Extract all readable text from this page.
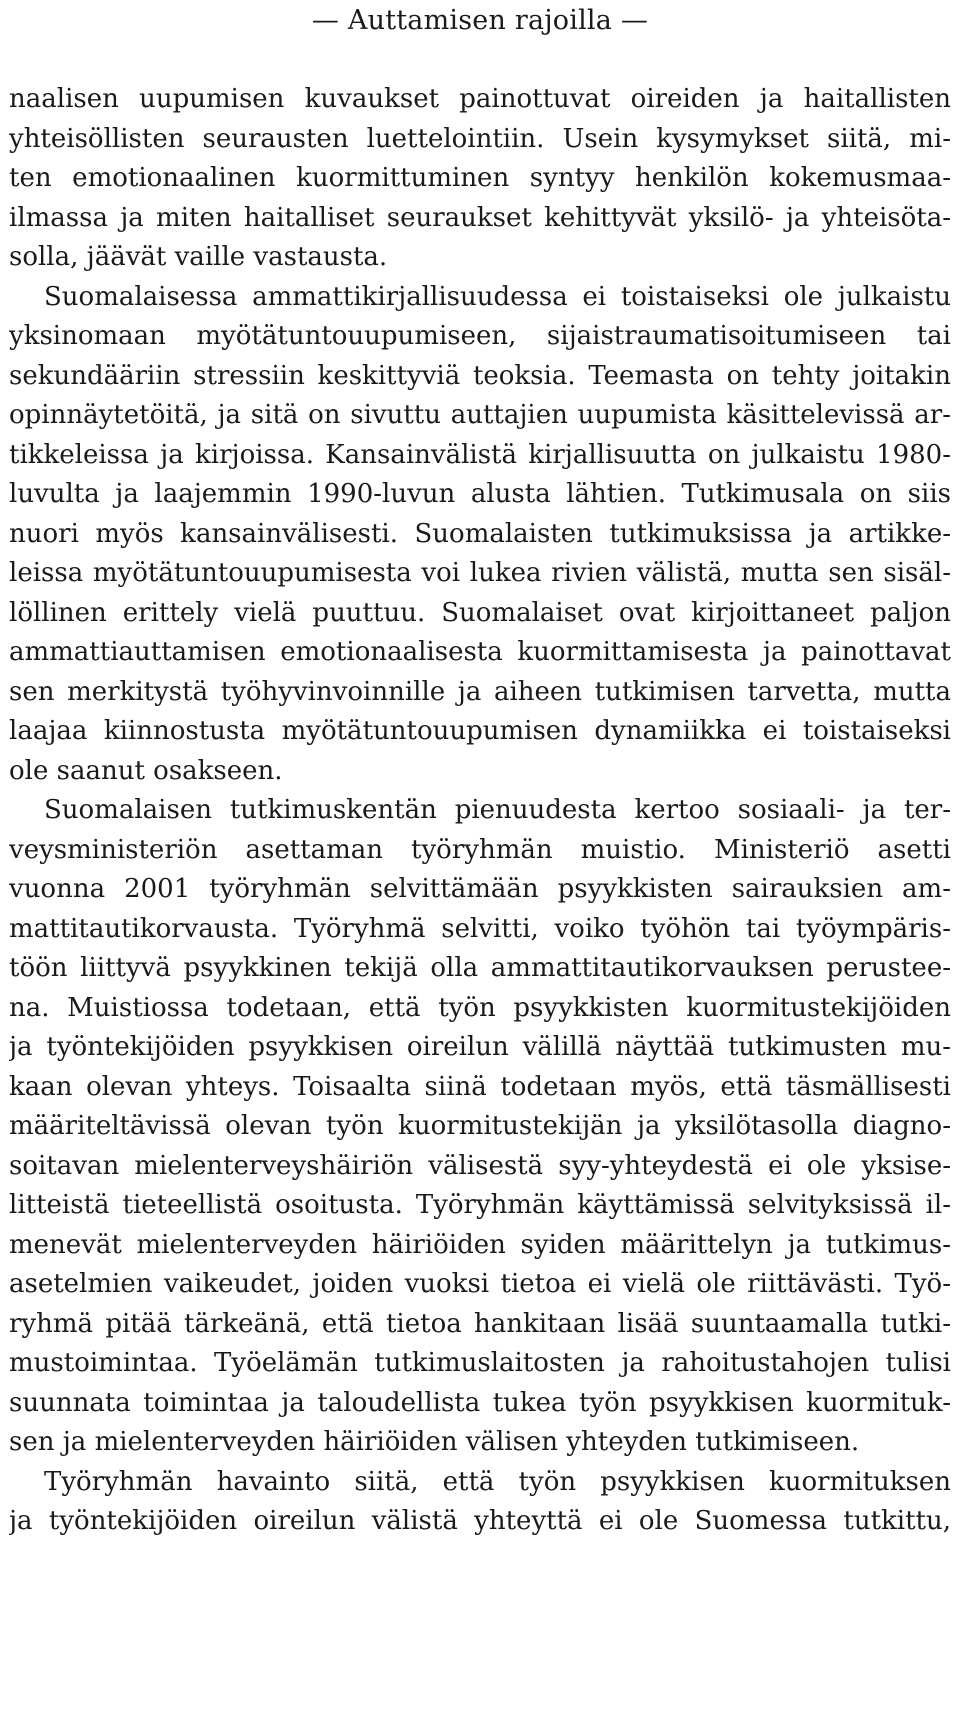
— Auttamisen rajoilla —
naalisen uupumisen kuvaukset painottuvat oireiden ja haitallisten
yhteisöllisten seurausten luettelointiin. Usein kysymykset siitä, mi-
ten emotionaalinen kuormittuminen syntyy henkilön kokemusmaa-
ilmassa ja miten haitalliset seuraukset kehittyvät yksilö- ja yhteisöta-
solla, jäävät vaille vastausta.
Suomalaisessa ammattikirjallisuudessa ei toistaiseksi ole julkaistu
yksinomaan myötätuntouupumiseen, sijaistraumatisoitumiseen tai
sekundääriin stressiin keskittyviä teoksia. Teemasta on tehty joitakin
opinnäytetöitä, ja sitä on sivuttu auttajien uupumista käsittelevissä ar-
tikkeleissa ja kirjoissa. Kansainvälistä kirjallisuutta on julkaistu 1980-
luvulta ja laajemmin 1990-luvun alusta lähtien. Tutkimusala on siis
nuori myös kansainvälisesti. Suomalaisten tutkimuksissa ja artikke-
leissa myötätuntouupumisesta voi lukea rivien välistä, mutta sen sisäl-
löllinen erittely vielä puuttuu. Suomalaiset ovat kirjoittaneet paljon
ammattiauttamisen emotionaalisesta kuormittamisesta ja painottavat
sen merkitystä työhyvinvoinnille ja aiheen tutkimisen tarvetta, mutta
laajaa kiinnostusta myötätuntouupumisen dynamiikka ei toistaiseksi
ole saanut osakseen.
Suomalaisen tutkimuskentän pienuudesta kertoo sosiaali- ja ter-
veysministeriön asettaman työryhmän muistio. Ministeriö asetti
vuonna 2001 työryhmän selvittämään psyykkisten sairauksien am-
mattitautikorvausta. Työryhmä selvitti, voiko työhön tai työympäris-
töön liittyvä psyykkinen tekijä olla ammattitautikorvauksen perustee-
na. Muistiossa todetaan, että työn psyykkisten kuormitustekijöiden
ja työntekijöiden psyykkisen oireilun välillä näyttää tutkimusten mu-
kaan olevan yhteys. Toisaalta siinä todetaan myös, että täsmällisesti
määriteltävissä olevan työn kuormitustekijän ja yksilötasolla diagno-
soitavan mielenterveyshäiriön välisestä syy-yhteydestä ei ole yksise-
litteistä tieteellistä osoitusta. Työryhmän käyttämissä selvityksissä il-
menevät mielenterveyden häiriöiden syiden määrittelyn ja tutkimus-
asetelmien vaikeudet, joiden vuoksi tietoa ei vielä ole riittävästi. Työ-
ryhmä pitää tärkeänä, että tietoa hankitaan lisää suuntaamalla tutki-
mustoimintaa. Työelämän tutkimuslaitosten ja rahoitustahojen tulisi
suunnata toimintaa ja taloudellista tukea työn psyykkisen kuormituk-
sen ja mielenterveyden häiriöiden välisen yhteyden tutkimiseen.
Työryhmän havainto siitä, että työn psyykkisen kuormituksen
ja työntekijöiden oireilun välistä yhteyttä ei ole Suomessa tutkittu,
